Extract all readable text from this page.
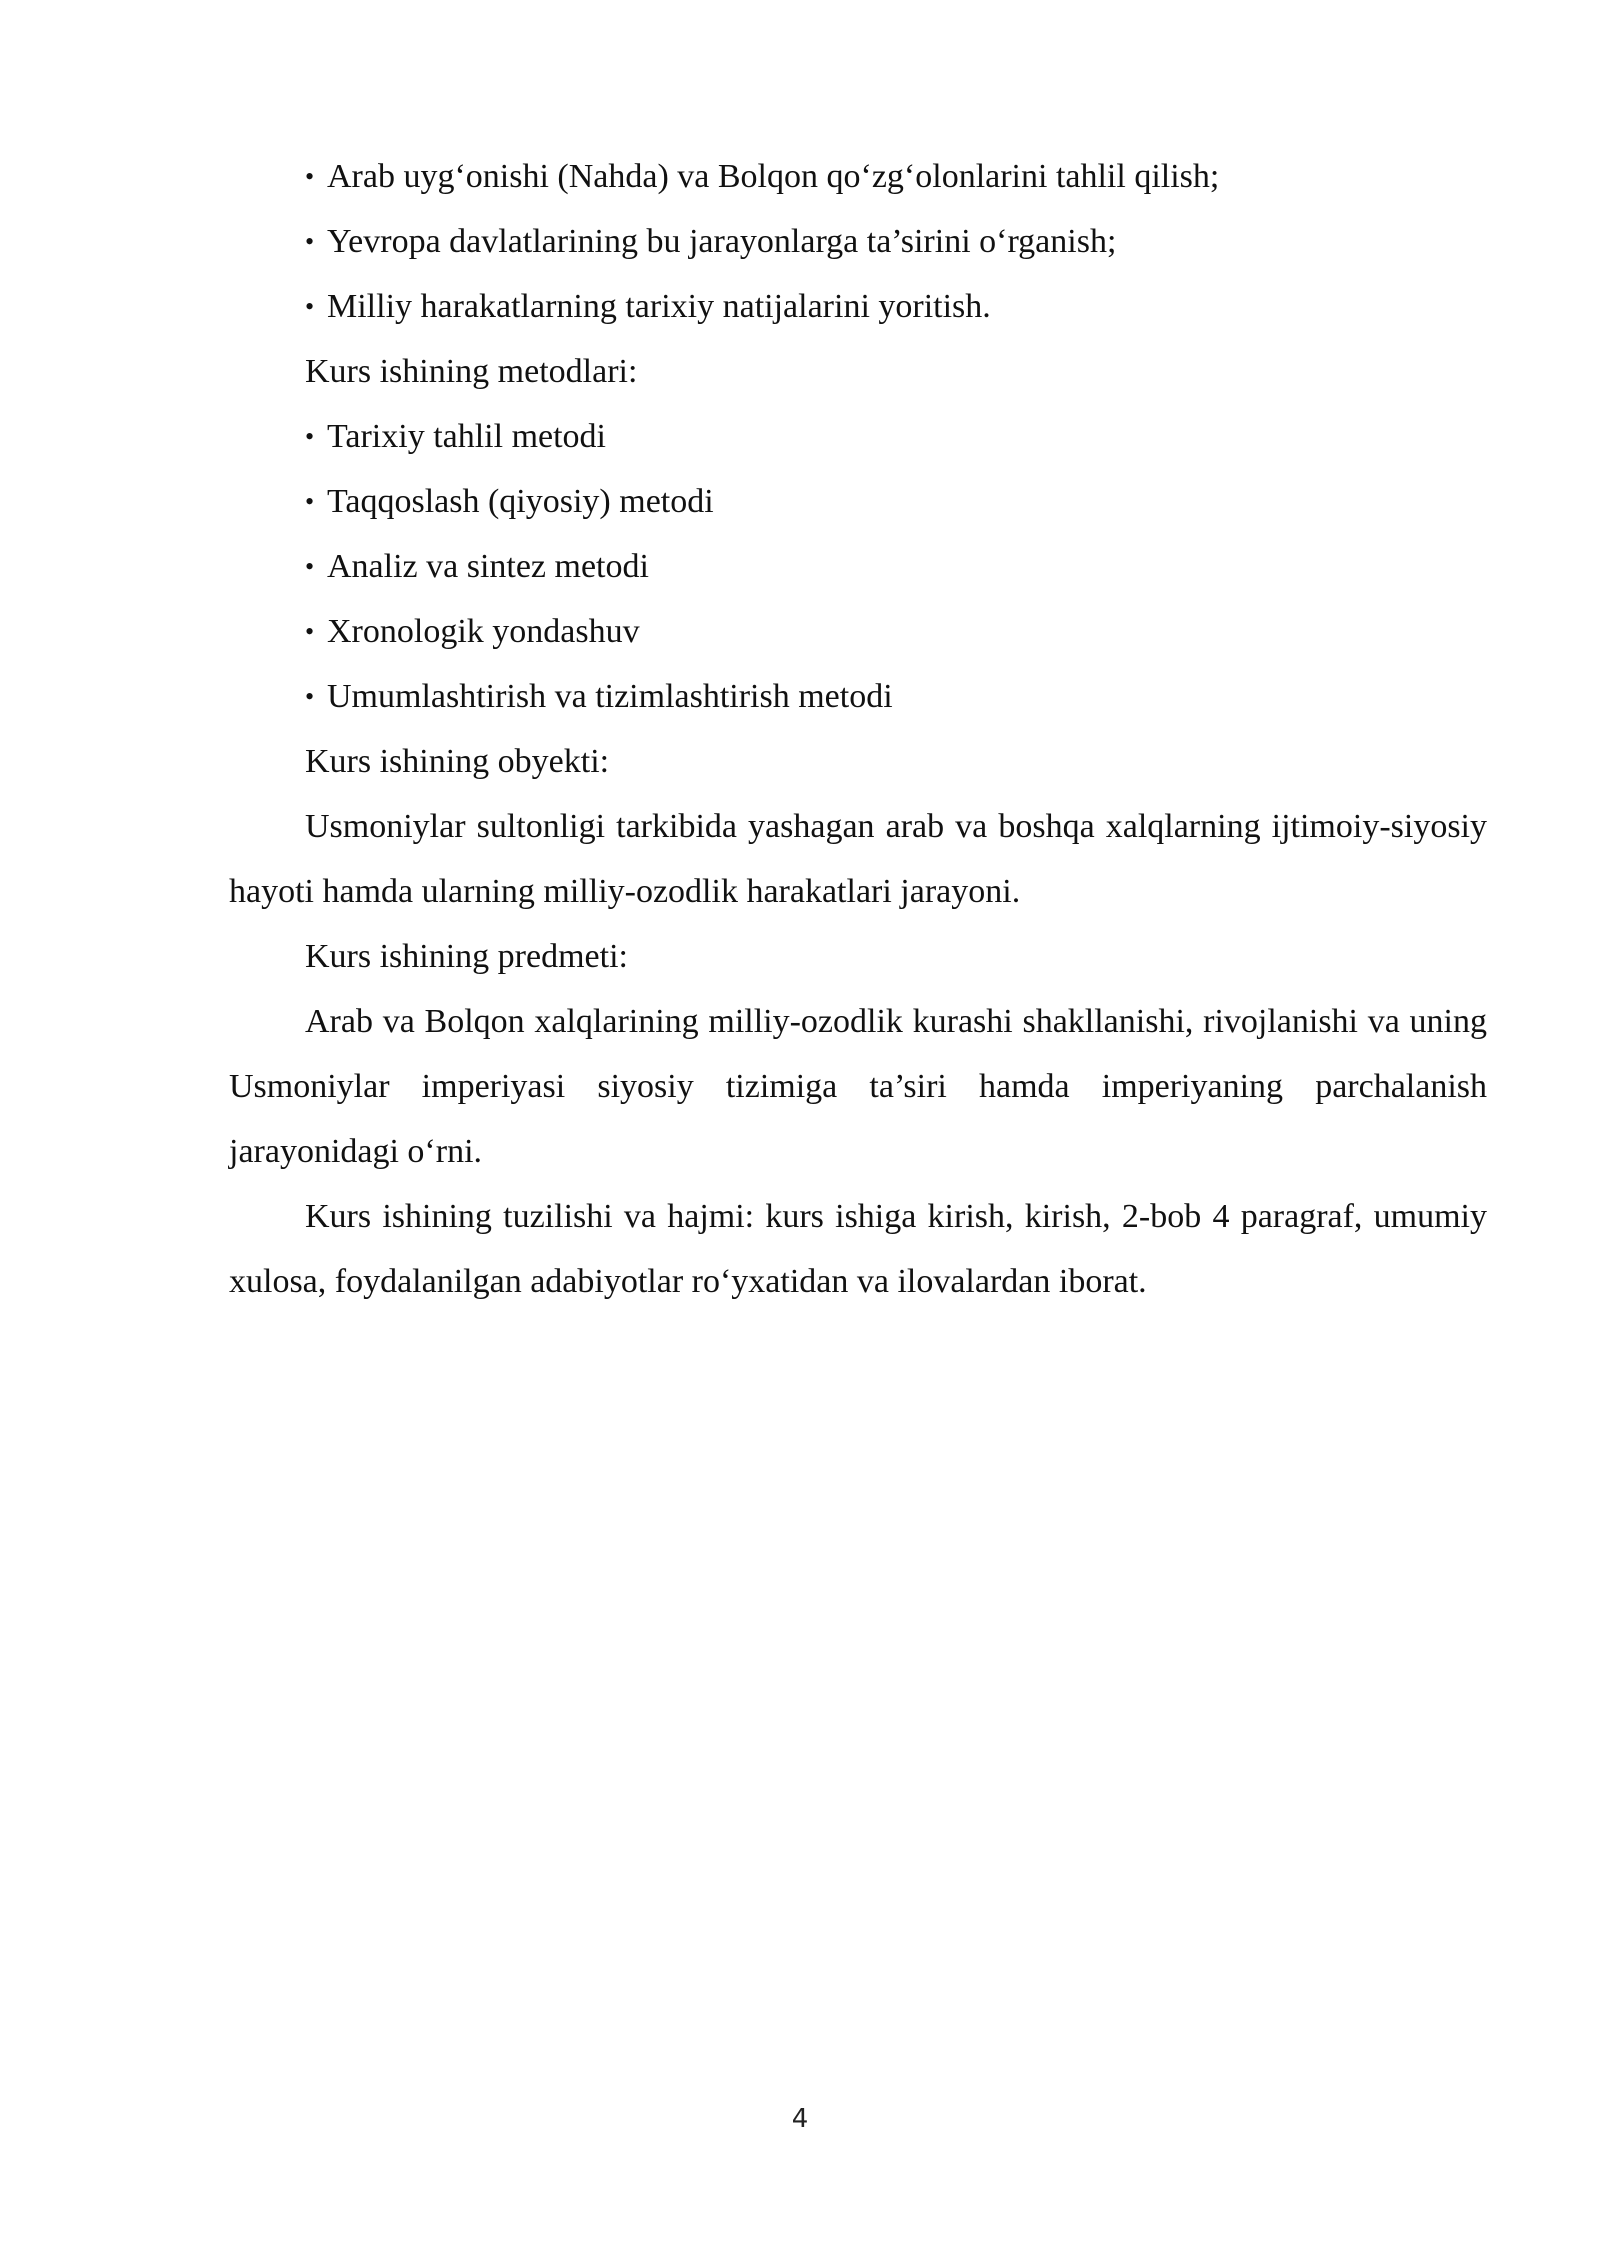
• Arab uyg‘onishi (Nahda) va Bolqon qo‘zg‘olonlarini tahlil qilish;

• Yevropa davlatlarining bu jarayonlarga ta’sirini o‘rganish;

• Milliy harakatlarning tarixiy natijalarini yoritish.

Kurs ishining metodlari:

• Tarixiy tahlil metodi

• Taqqoslash (qiyosiy) metodi

• Analiz va sintez metodi

• Xronologik yondashuv

• Umumlashtirish va tizimlashtirish metodi

Kurs ishining obyekti:

Usmoniylar sultonligi tarkibida yashagan arab va boshqa xalqlarning ijtimoiy-siyosiy hayoti hamda ularning milliy-ozodlik harakatlari jarayoni.

Kurs ishining predmeti:

Arab va Bolqon xalqlarining milliy-ozodlik kurashi shakllanishi, rivojlanishi va uning Usmoniylar imperiyasi siyosiy tizimiga ta’siri hamda imperiyaning parchalanish jarayonidagi o‘rni.

Kurs ishining tuzilishi va hajmi: kurs ishiga kirish, kirish, 2-bob 4 paragraf, umumiy xulosa, foydalanilgan adabiyotlar ro‘yxatidan va ilovalardan iborat.

4
